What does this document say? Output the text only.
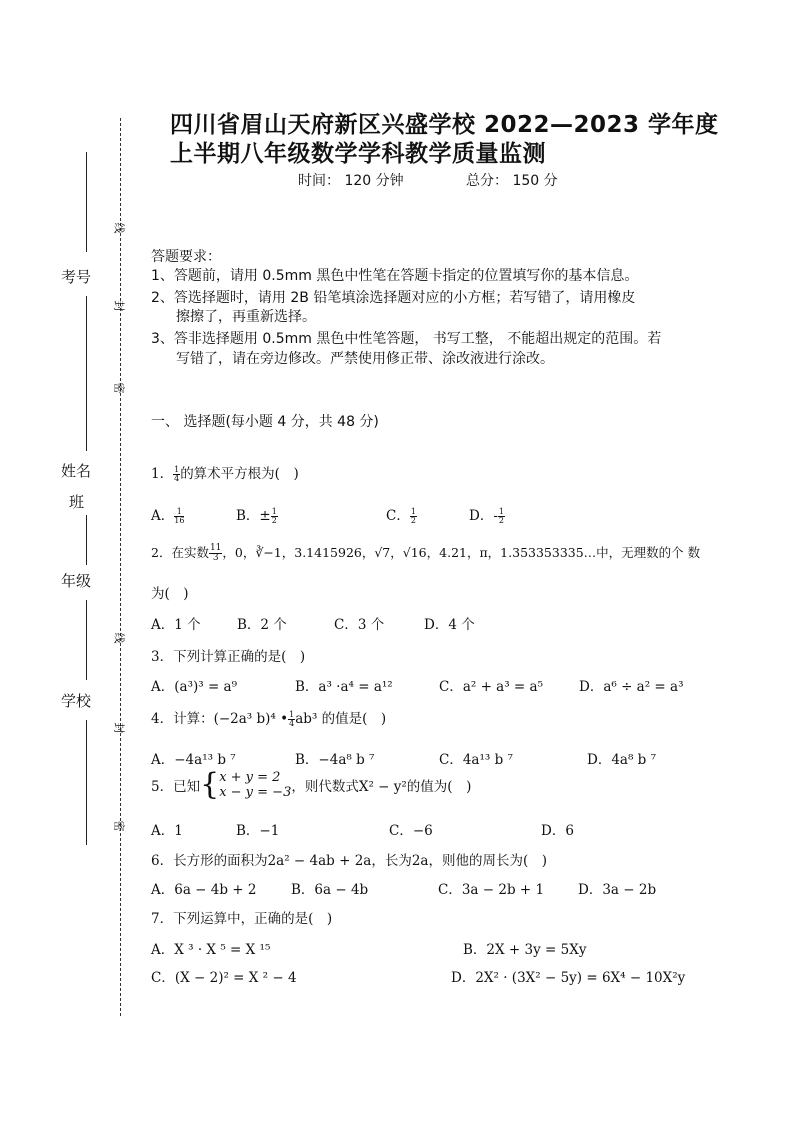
考号
姓名
班
年级
学校
线
封
密
线
封
密
四川省眉山天府新区兴盛学校 2022—2023 学年度
上半期八年级数学学科教学质量监测
时间： 120 分钟	总分： 150 分
答题要求：
1、答题前，请用 0.5mm 黑色中性笔在答题卡指定的位置填写你的基本信息。
2、答选择题时，请用 2B 铅笔填涂选择题对应的小方框；若写错了，请用橡皮
擦擦了，再重新选择。
3、答非选择题用 0.5mm 黑色中性笔答题， 书写工整， 不能超出规定的范围。若
写错了，请在旁边修改。严禁使用修正带、涂改液进行涂改。
一、 选择题(每小题 4 分，共 48 分)
1． $\frac{1}{4}$ 的算术平方根为(　)
A． $\frac{1}{16}$	B．± $\frac{1}{2}$	C． $\frac{1}{2}$	D．- $\frac{1}{2}$
2．在实数 $\frac{11}{3}$ ，0，∛−1，3.1415926，√7，√16，4.21，π，1.353353335…中，无理数的个 数
为(　)
A．1 个	B．2 个	C．3 个	D．4 个
3．下列计算正确的是(　)
A．(a³)³ = a⁹	B．a³ ·a⁴ = a¹²	C．a² + a³ = a⁵	D．a⁶ ÷ a² = a³
4．计算：(−2a³ b)⁴ • $\frac{1}{4} ab^3$ 的值是(　)
A．−4a¹³ b ⁷	B．−4a⁸ b ⁷	C．4a¹³ b ⁷	D．4a⁸ b ⁷
5．已知{ x + y = 2
x − y = −3 ，则代数式X² − y²的值为(　)
A．1	B．−1	C．−6	D．6
6．长方形的面积为2a² − 4ab + 2a，长为2a，则他的周长为(　)
A．6a − 4b + 2	B．6a − 4b	C．3a − 2b + 1	D．3a − 2b
7．下列运算中，正确的是(　)
A．X ³ · X ⁵ = X ¹⁵	B．2X + 3y = 5Xy
C．(X − 2)² = X ² − 4	D．2X² · (3X² − 5y) = 6X⁴ − 10X²y
